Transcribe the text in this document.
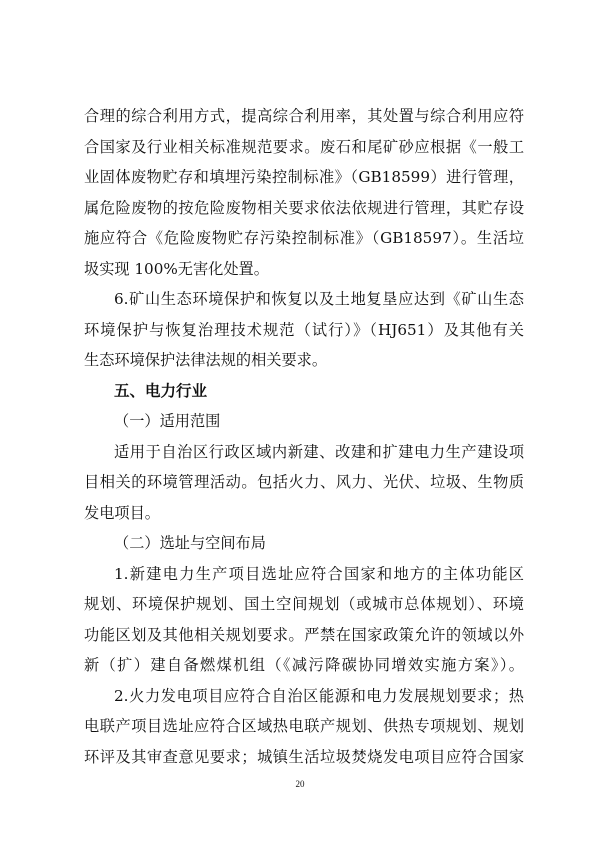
合理的综合利用方式，提高综合利用率，其处置与综合利用应符
合国家及行业相关标准规范要求。废石和尾矿砂应根据《一般工
业固体废物贮存和填埋污染控制标准》（GB18599）进行管理，
属危险废物的按危险废物相关要求依法依规进行管理，其贮存设
施应符合《危险废物贮存污染控制标准》（GB18597）。生活垃
圾实现 100%无害化处置。
6.矿山生态环境保护和恢复以及土地复垦应达到《矿山生态
环境保护与恢复治理技术规范（试行）》（HJ651）及其他有关
生态环境保护法律法规的相关要求。
五、电力行业
（一）适用范围
适用于自治区行政区域内新建、改建和扩建电力生产建设项
目相关的环境管理活动。包括火力、风力、光伏、垃圾、生物质
发电项目。
（二）选址与空间布局
1.新建电力生产项目选址应符合国家和地方的主体功能区
规划、环境保护规划、国土空间规划（或城市总体规划）、环境
功能区划及其他相关规划要求。严禁在国家政策允许的领域以外
新（扩）建自备燃煤机组（《减污降碳协同增效实施方案》）。
2.火力发电项目应符合自治区能源和电力发展规划要求；热
电联产项目选址应符合区域热电联产规划、供热专项规划、规划
环评及其审查意见要求；城镇生活垃圾焚烧发电项目应符合国家
20
